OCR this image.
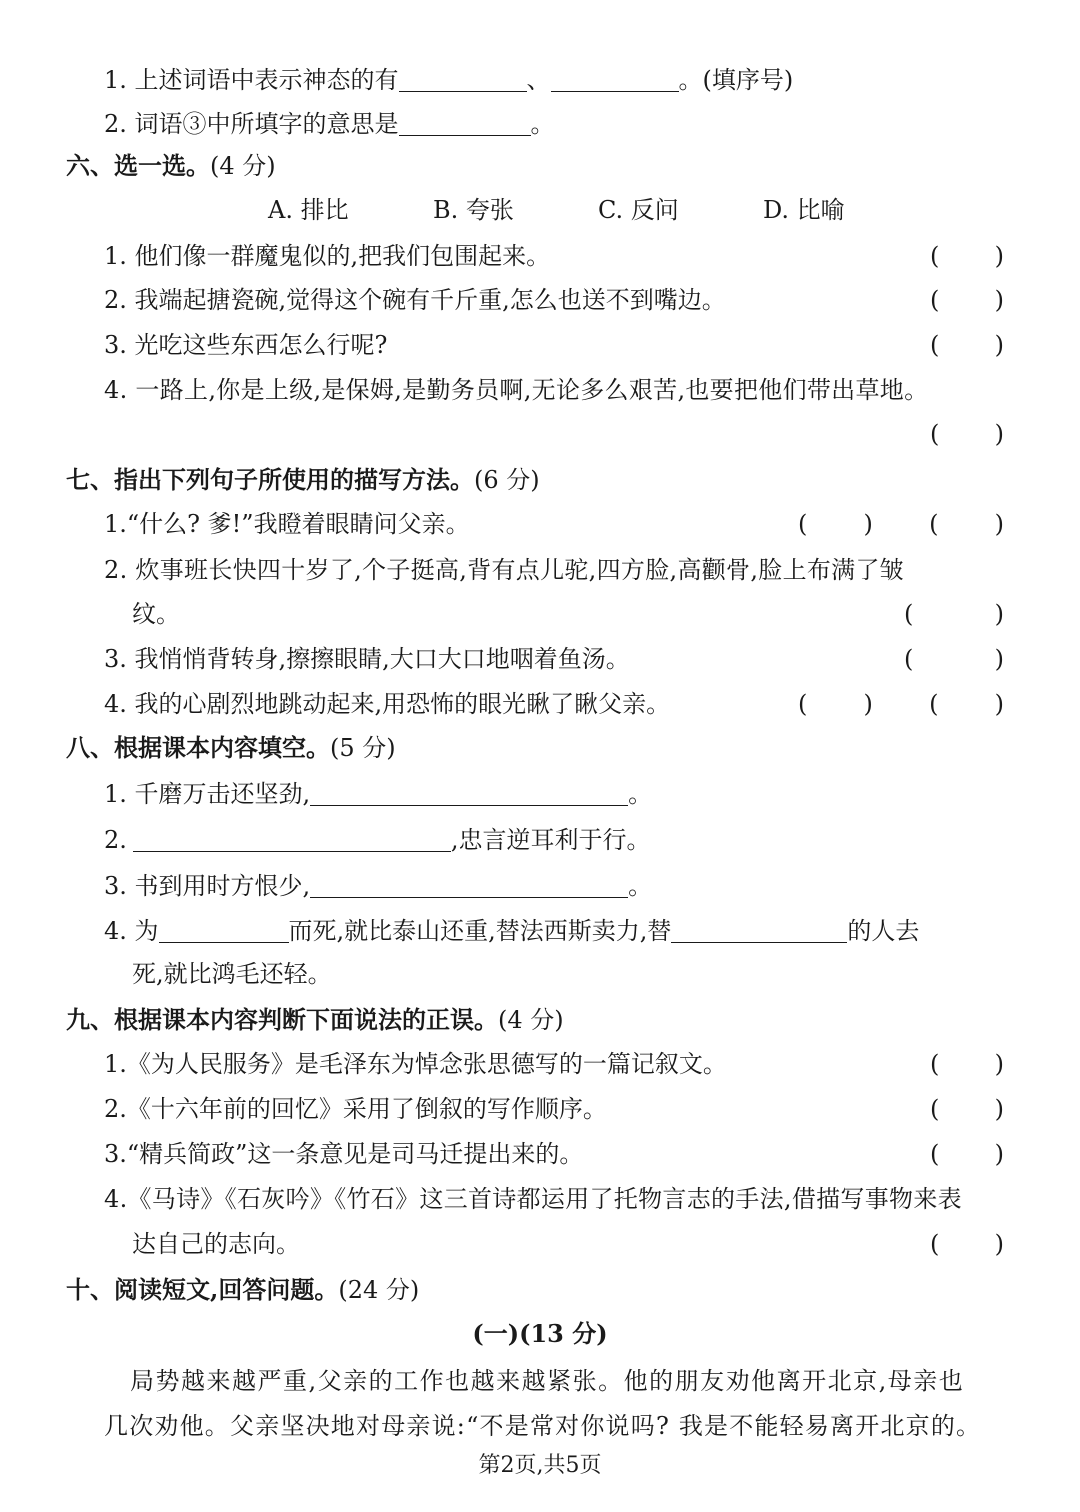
1. 上述词语中表示神态的有	、	。(填序号)
2. 词语③中所填字的意思是	。
六、选一选。(4 分)
A. 排比	B. 夸张	C. 反问	D. 比喻
1. 他们像一群魔鬼似的,把我们包围起来。	( )
2. 我端起搪瓷碗,觉得这个碗有千斤重,怎么也送不到嘴边。	( )
3. 光吃这些东西怎么行呢?	( )
4. 一路上,你是上级,是保姆,是勤务员啊,无论多么艰苦,也要把他们带出草地。
( )
七、指出下列句子所使用的描写方法。(6 分)
1.“什么? 爹!”我瞪着眼睛问父亲。	( ) ( )
2. 炊事班长快四十岁了,个子挺高,背有点儿驼,四方脸,高颧骨,脸上布满了皱
纹。	(	)
3. 我悄悄背转身,擦擦眼睛,大口大口地咽着鱼汤。	(	)
4. 我的心剧烈地跳动起来,用恐怖的眼光瞅了瞅父亲。	( ) ( )
八、根据课本内容填空。(5 分)
1. 千磨万击还坚劲,	。
2.	,忠言逆耳利于行。
3. 书到用时方恨少,	。
4. 为	而死,就比泰山还重,替法西斯卖力,替	的人去
死,就比鸿毛还轻。
九、根据课本内容判断下面说法的正误。(4 分)
1.《为人民服务》是毛泽东为悼念张思德写的一篇记叙文。	( )
2.《十六年前的回忆》采用了倒叙的写作顺序。	( )
3.“精兵简政”这一条意见是司马迁提出来的。	( )
4.《马诗》《石灰吟》《竹石》这三首诗都运用了托物言志的手法,借描写事物来表
达自己的志向。	( )
十、阅读短文,回答问题。(24 分)
(一)(13 分)
局势越来越严重,父亲的工作也越来越紧张。他的朋友劝他离开北京,母亲也
几次劝他。父亲坚决地对母亲说:“不是常对你说吗? 我是不能轻易离开北京的。
第2页,共5页
